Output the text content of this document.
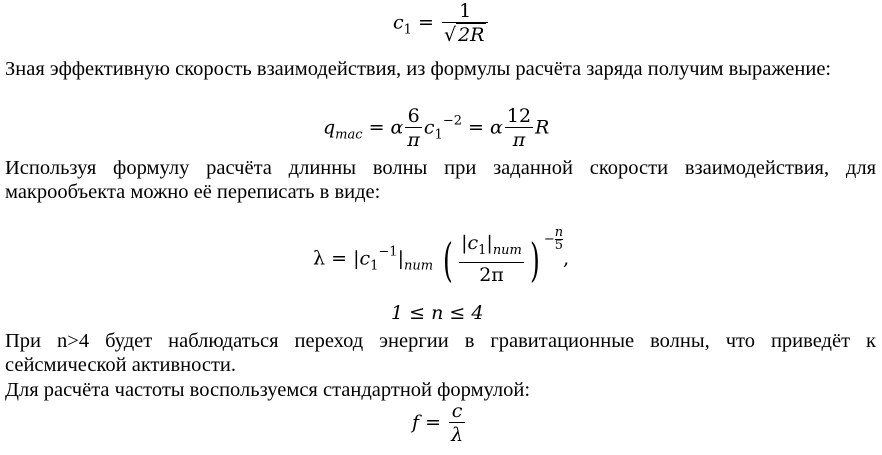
$c_1 = \frac{1}{√ 2R}$
Зная эффективную скорость взаимодействия, из формулы расчёта заряда получим выражение:
$q_{mac} = \alpha \frac{6}{\pi} c_1^{-2} = \alpha \frac{12}{\pi}$ R
Используя формулу расчёта длинны волны при заданной скорости взаимодействия, для макрообъекта можно её переписать в виде:
$\lambda = |c_1^{-1}|_{num}$ ( $\frac{|c_1|_{num}}{2\pi}$ ) − $\frac{n}{5}$
,
1 ≤ n ≤ 4
При n>4 будет наблюдаться переход энергии в гравитационные волны, что приведёт к сейсмической активности.
Для расчёта частоты воспользуемся стандартной формулой:
$f = \frac{c}{\lambda}$
